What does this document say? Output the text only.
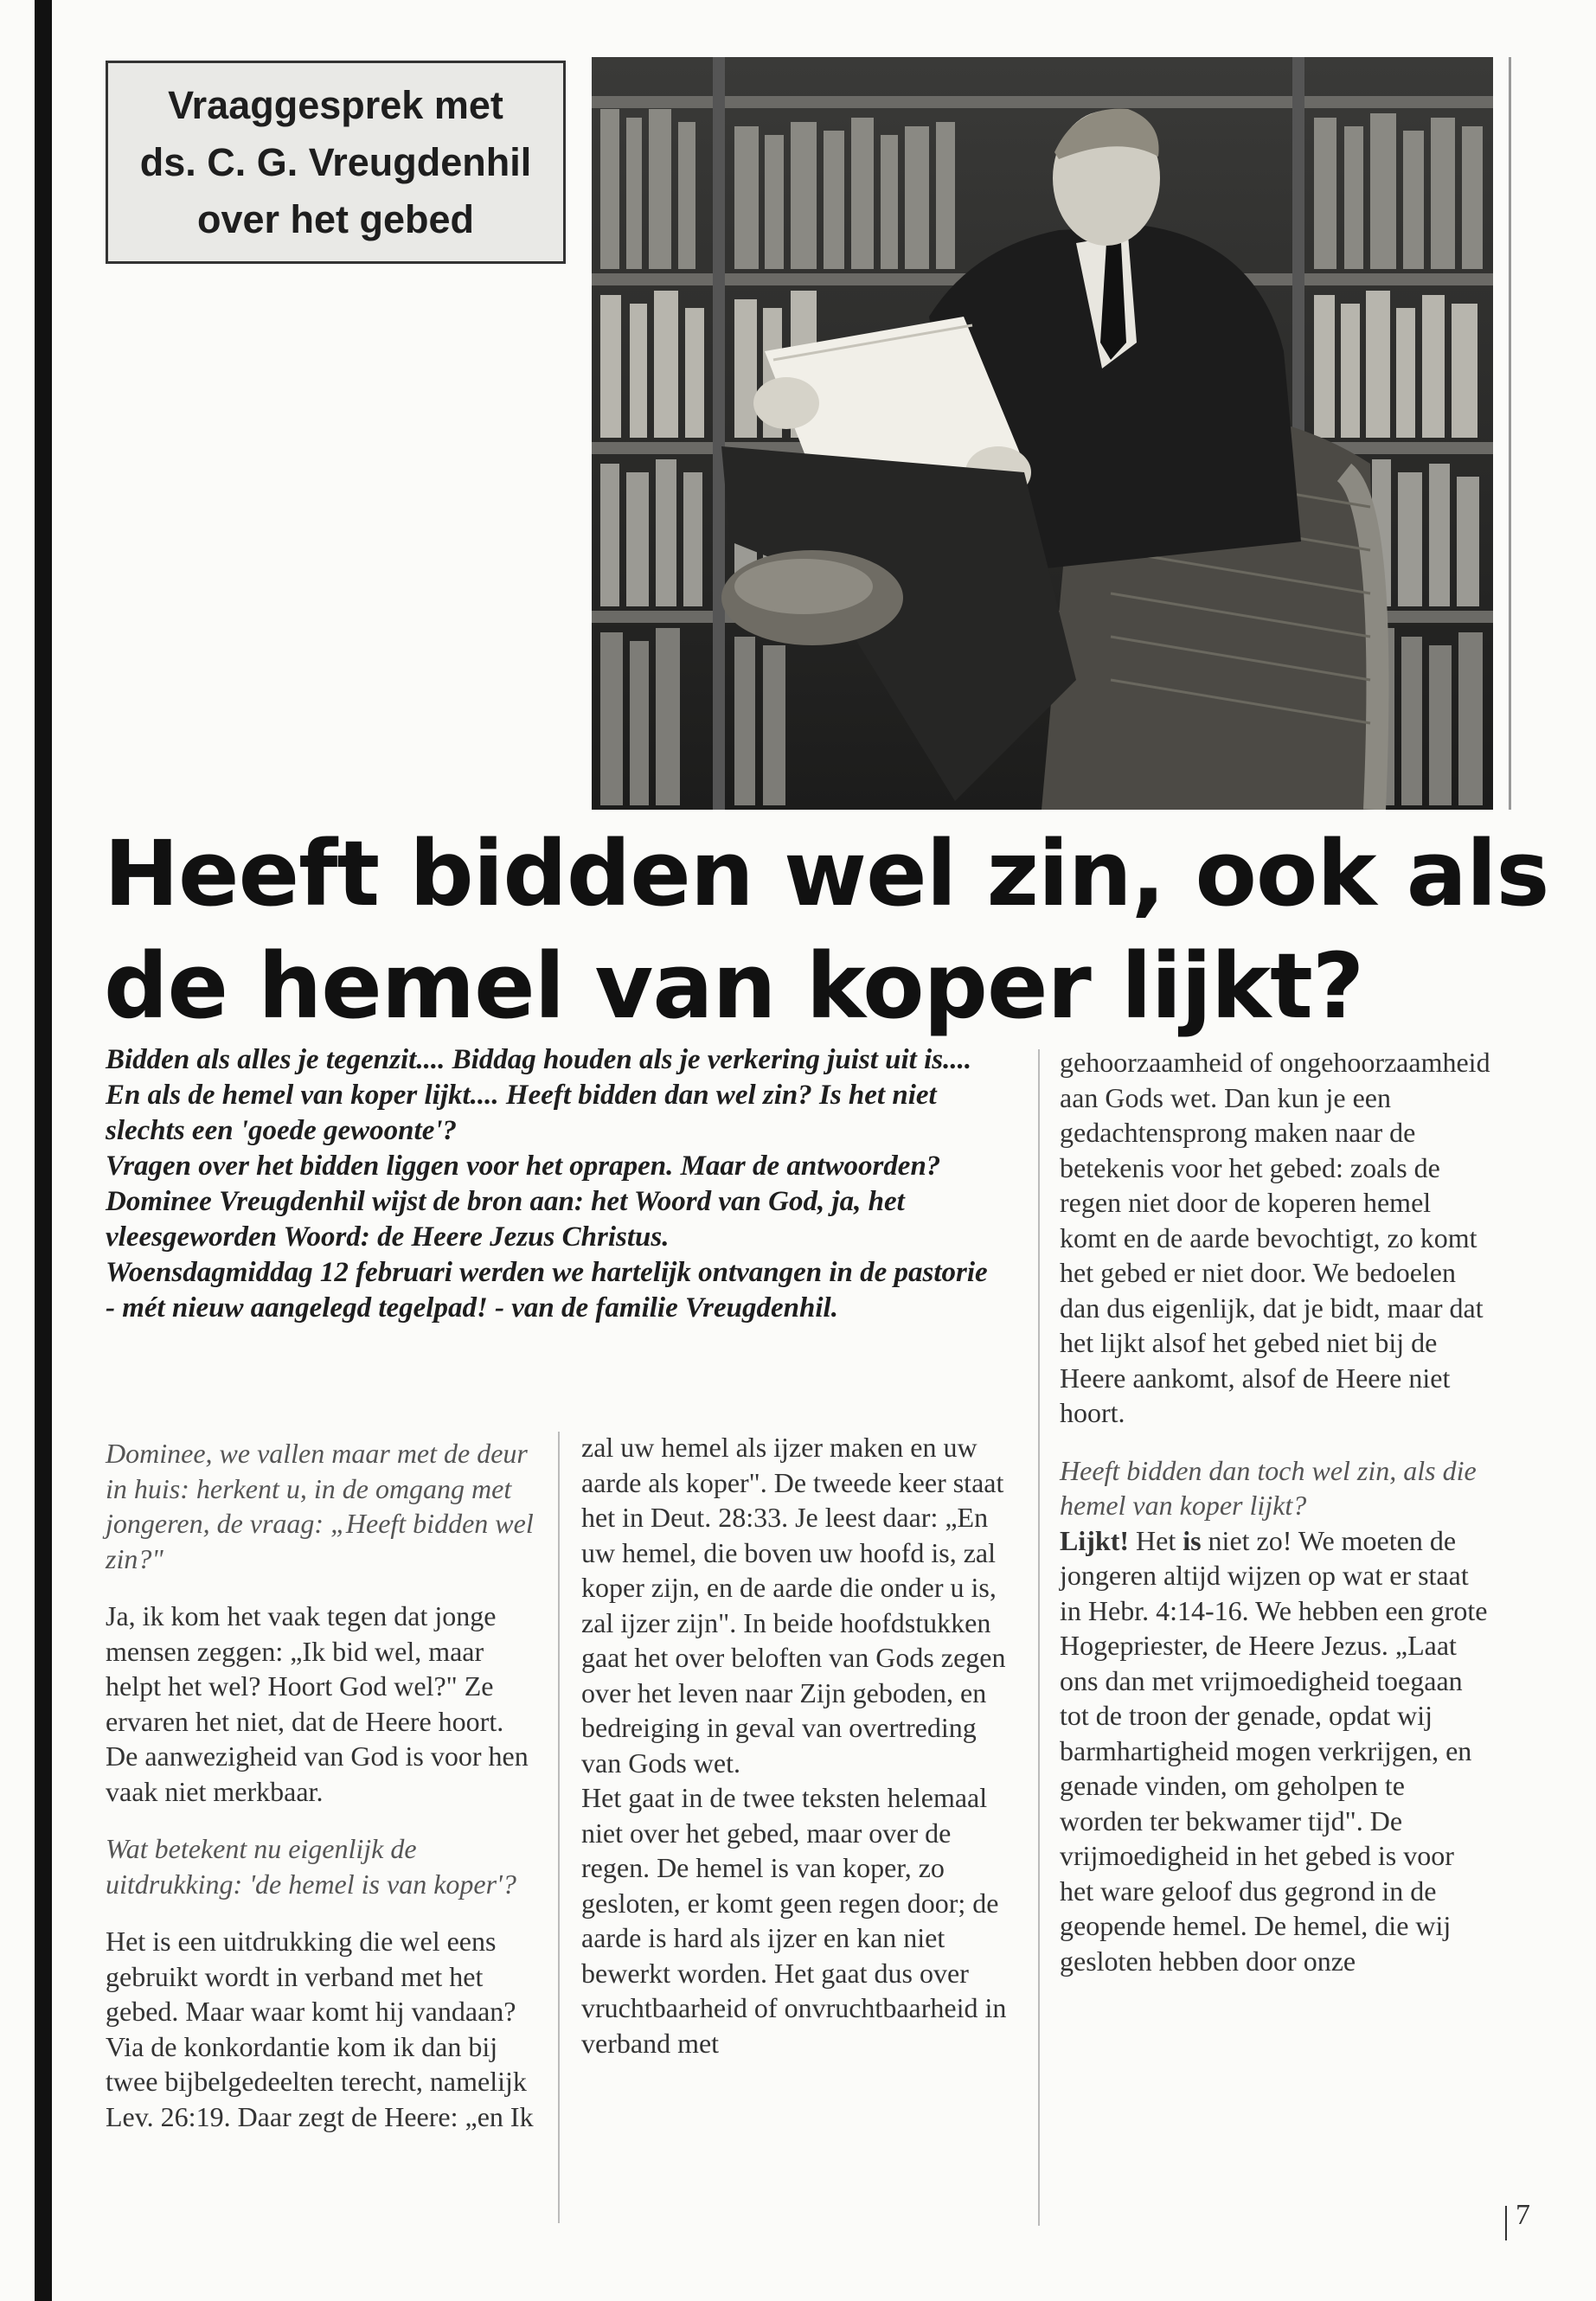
Vraaggesprek met
ds. C. G. Vreugdenhil
over het gebed
Heeft bidden wel zin, ook als
de hemel van koper lijkt?

Bidden als alles je tegenzit.... Biddag houden als je verkering juist uit is.... En als de hemel van koper lijkt.... Heeft bidden dan wel zin? Is het niet slechts een 'goede gewoonte'?

Vragen over het bidden liggen voor het oprapen. Maar de antwoorden?

Dominee Vreugdenhil wijst de bron aan: het Woord van God, ja, het vleesgeworden Woord: de Heere Jezus Christus.

Woensdagmiddag 12 februari werden we hartelijk ontvangen in de pastorie - mét nieuw aangelegd tegelpad! - van de familie Vreugdenhil.

Dominee, we vallen maar met de deur in huis: herkent u, in de omgang met jongeren, de vraag: „Heeft bidden wel zin?"

Ja, ik kom het vaak tegen dat jonge mensen zeggen: „Ik bid wel, maar helpt het wel? Hoort God wel?" Ze ervaren het niet, dat de Heere hoort. De aanwezigheid van God is voor hen vaak niet merkbaar.

Wat betekent nu eigenlijk de uitdrukking: 'de hemel is van koper'?

Het is een uitdrukking die wel eens gebruikt wordt in verband met het gebed. Maar waar komt hij vandaan? Via de konkordantie kom ik dan bij twee bijbelgedeelten terecht, namelijk Lev. 26:19. Daar zegt de Heere: „en Ik

zal uw hemel als ijzer maken en uw aarde als koper". De tweede keer staat het in Deut. 28:33. Je leest daar: „En uw hemel, die boven uw hoofd is, zal koper zijn, en de aarde die onder u is, zal ijzer zijn". In beide hoofdstukken gaat het over beloften van Gods zegen over het leven naar Zijn geboden, en bedreiging in geval van overtreding van Gods wet.

Het gaat in de twee teksten helemaal niet over het gebed, maar over de regen. De hemel is van koper, zo gesloten, er komt geen regen door; de aarde is hard als ijzer en kan niet bewerkt worden. Het gaat dus over vruchtbaarheid of onvruchtbaarheid in verband met

gehoorzaamheid of ongehoorzaamheid aan Gods wet. Dan kun je een gedachtensprong maken naar de betekenis voor het gebed: zoals de regen niet door de koperen hemel komt en de aarde bevochtigt, zo komt het gebed er niet door. We bedoelen dan dus eigenlijk, dat je bidt, maar dat het lijkt alsof het gebed niet bij de Heere aankomt, alsof de Heere niet hoort.

Heeft bidden dan toch wel zin, als die hemel van koper lijkt?

Lijkt! Het is niet zo! We moeten de jongeren altijd wijzen op wat er staat in Hebr. 4:14-16. We hebben een grote Hogepriester, de Heere Jezus. „Laat ons dan met vrijmoedigheid toegaan tot de troon der genade, opdat wij barmhartigheid mogen verkrijgen, en genade vinden, om geholpen te worden ter bekwamer tijd". De vrijmoedigheid in het gebed is voor het ware geloof dus gegrond in de geopende hemel. De hemel, die wij gesloten hebben door onze

7
